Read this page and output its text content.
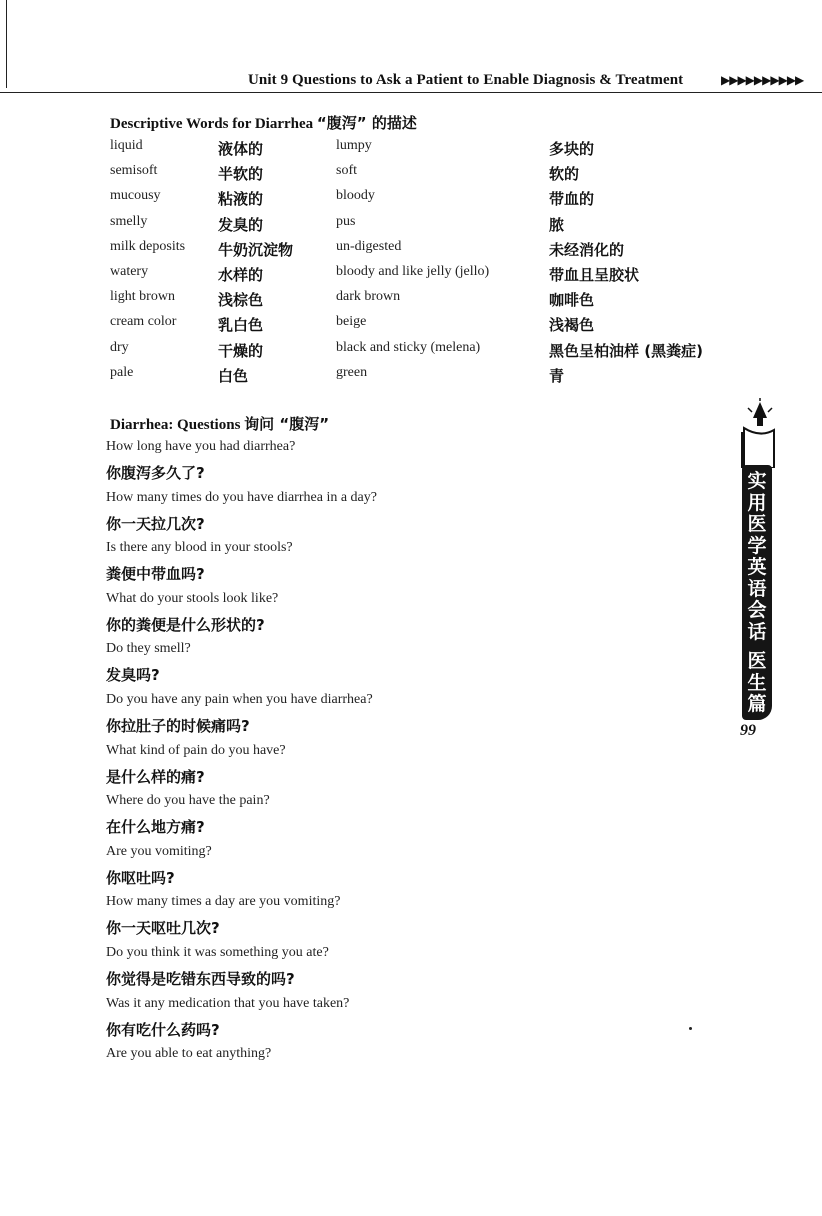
Unit 9 Questions to Ask a Patient to Enable Diagnosis & Treatment	▶▶▶▶▶▶▶▶▶▶
Descriptive Words for Diarrhea “腹泻” 的描述
liquid	液体的	lumpy	多块的
semisoft	半软的	soft	软的
mucousy	粘液的	bloody	带血的
smelly	发臭的	pus	脓
milk deposits 牛奶沉淀物	un-digested	未经消化的
watery	水样的	bloody and like jelly (jello)	带血且呈胶状
light brown	浅棕色	dark brown	咖啡色
cream color	乳白色	beige	浅褐色
dry	干燥的	black and sticky (melena)	黑色呈柏油样 (黑粪症)
pale	白色	green	青
Diarrhea: Questions 询问 “腹泻”
How long have you had diarrhea?
你腹泻多久了?
How many times do you have diarrhea in a day?
你一天拉几次?
Is there any blood in your stools?
粪便中带血吗?
What do your stools look like?
你的粪便是什么形状的?
Do they smell?
发臭吗?
Do you have any pain when you have diarrhea?
你拉肚子的时候痛吗?
What kind of pain do you have?
是什么样的痛?
Where do you have the pain?
在什么地方痛?
Are you vomiting?
你呕吐吗?
How many times a day are you vomiting?
你一天呕吐几次?
Do you think it was something you ate?
你觉得是吃错东西导致的吗?
Was it any medication that you have taken?
你有吃什么药吗?
Are you able to eat anything?
实
用
医
学
英
语
会
话

医
生
篇
99
